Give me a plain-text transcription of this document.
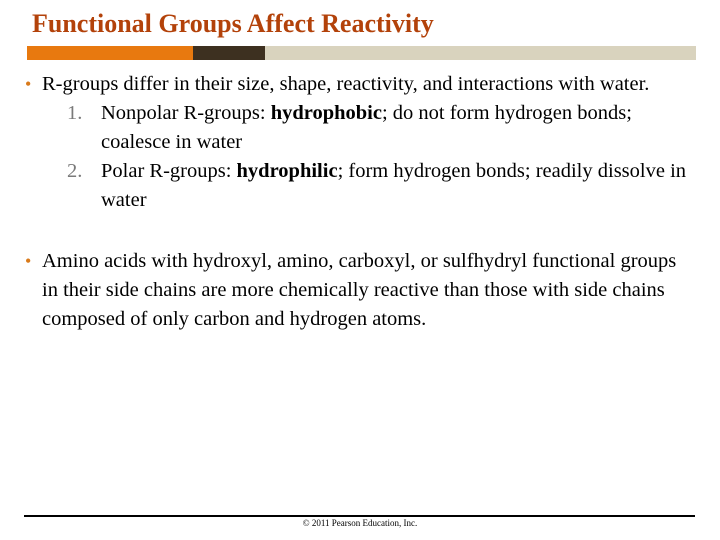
Functional Groups Affect Reactivity
• R-groups differ in their size, shape, reactivity, and interactions with water.
1. Nonpolar R-groups: hydrophobic; do not form hydrogen bonds; coalesce in water
2. Polar R-groups: hydrophilic; form hydrogen bonds; readily dissolve in water
• Amino acids with hydroxyl, amino, carboxyl, or sulfhydryl functional groups in their side chains are more chemically reactive than those with side chains composed of only carbon and hydrogen atoms.
© 2011 Pearson Education, Inc.
